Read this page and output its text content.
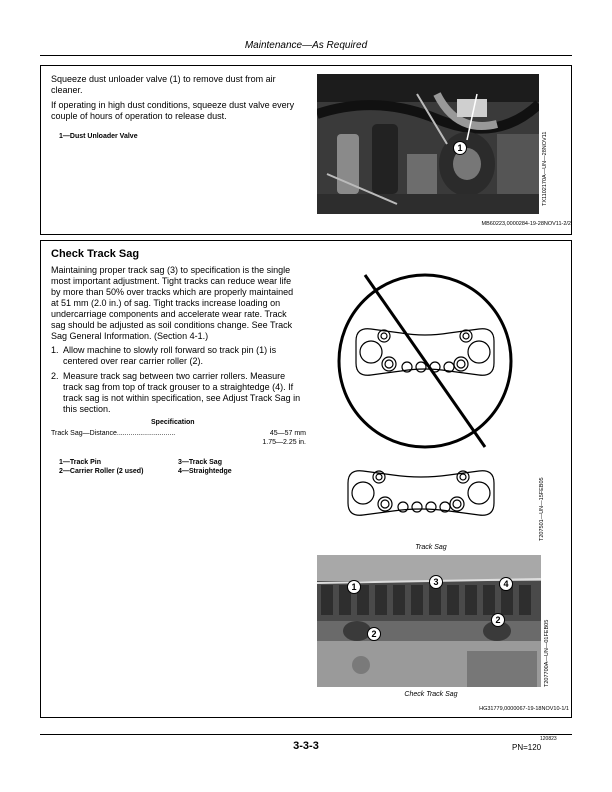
Maintenance—As Required
Squeeze dust unloader valve (1) to remove dust from air cleaner.
If operating in high dust conditions, squeeze dust valve every couple of hours of operation to release dust.
1—Dust Unloader Valve
1	TX1102170A—UN—28NOV11
MB60223,0000284-19-28NOV11-2/2
Check Track Sag
Maintaining proper track sag (3) to specification is the single most important adjustment. Tight tracks can reduce wear life by more than 50% over tracks which are properly maintained at 51 mm (2.0 in.) of sag. Tight tracks increase loading on undercarriage components and accelerate wear rate. Track sag should be adjusted as soil conditions change. See Track Sag General Information. (Section 4-1.)
1. Allow machine to slowly roll forward so track pin (1) is centered over rear carrier roller (2).
2. Measure track sag between two carrier rollers. Measure track sag from top of track grouser to a straightedge (4). If track sag is not within specification, see Adjust Track Sag in this section.
Specification
Track Sag—Distance..............................	45—57 mm
1.75—2.25 in.
1—Track Pin
2—Carrier Roller (2 used)
3—Track Sag
4—Straightedge
T207501—UN—15FEB05
Track Sag
1
2
3	4
2	T207700A—UN—01FEB05
Check Track Sag
HG31779,0000067-19-18NOV10-1/1
3-3-3
120823
PN=120
